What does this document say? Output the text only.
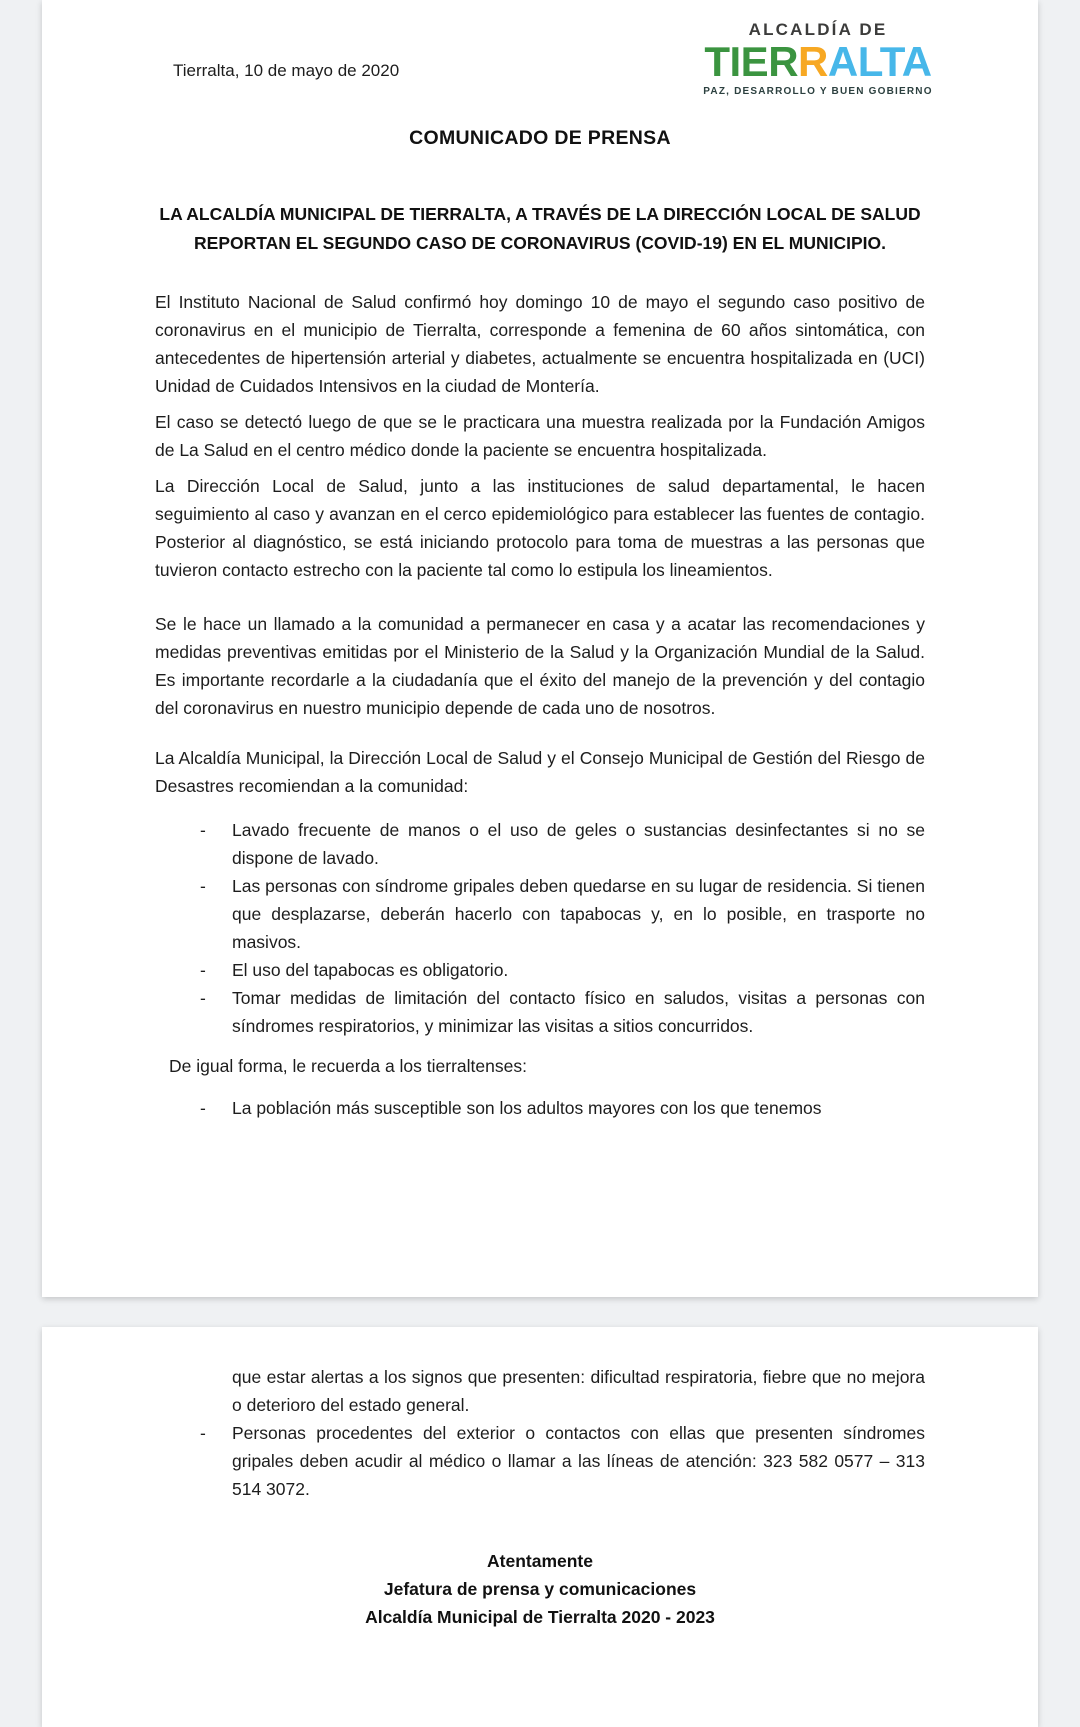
Tierralta, 10 de mayo de 2020
ALCALDÍA DE
TIERRALTA
PAZ, DESARROLLO Y BUEN GOBIERNO
COMUNICADO DE PRENSA
LA ALCALDÍA MUNICIPAL DE TIERRALTA, A TRAVÉS DE LA DIRECCIÓN LOCAL DE SALUD REPORTAN EL SEGUNDO CASO DE CORONAVIRUS (COVID-19) EN EL MUNICIPIO.

El Instituto Nacional de Salud confirmó hoy domingo 10 de mayo el segundo caso positivo de coronavirus en el municipio de Tierralta, corresponde a femenina de 60 años sintomática, con antecedentes de hipertensión arterial y diabetes, actualmente se encuentra hospitalizada en (UCI) Unidad de Cuidados Intensivos en la ciudad de Montería.

El caso se detectó luego de que se le practicara una muestra realizada por la Fundación Amigos de La Salud en el centro médico donde la paciente se encuentra hospitalizada.

La Dirección Local de Salud, junto a las instituciones de salud departamental, le hacen seguimiento al caso y avanzan en el cerco epidemiológico para establecer las fuentes de contagio. Posterior al diagnóstico, se está iniciando protocolo para toma de muestras a las personas que tuvieron contacto estrecho con la paciente tal como lo estipula los lineamientos.

Se le hace un llamado a la comunidad a permanecer en casa y a acatar las recomendaciones y medidas preventivas emitidas por el Ministerio de la Salud y la Organización Mundial de la Salud. Es importante recordarle a la ciudadanía que el éxito del manejo de la prevención y del contagio del coronavirus en nuestro municipio depende de cada uno de nosotros.

La Alcaldía Municipal, la Dirección Local de Salud y el Consejo Municipal de Gestión del Riesgo de Desastres recomiendan a la comunidad:

-	Lavado frecuente de manos o el uso de geles o sustancias desinfectantes si no se dispone de lavado.
-	Las personas con síndrome gripales deben quedarse en su lugar de residencia. Si tienen que desplazarse, deberán hacerlo con tapabocas y, en lo posible, en trasporte no masivos.
-	El uso del tapabocas es obligatorio.
-	Tomar medidas de limitación del contacto físico en saludos, visitas a personas con síndromes respiratorios, y minimizar las visitas a sitios concurridos.

De igual forma, le recuerda a los tierraltenses:

-	La población más susceptible son los adultos mayores con los que tenemos
que estar alertas a los signos que presenten: dificultad respiratoria, fiebre que no mejora o deterioro del estado general.
-	Personas procedentes del exterior o contactos con ellas que presenten síndromes gripales deben acudir al médico o llamar a las líneas de atención: 323 582 0577 – 313 514 3072.
Atentamente
Jefatura de prensa y comunicaciones
Alcaldía Municipal de Tierralta 2020 - 2023
